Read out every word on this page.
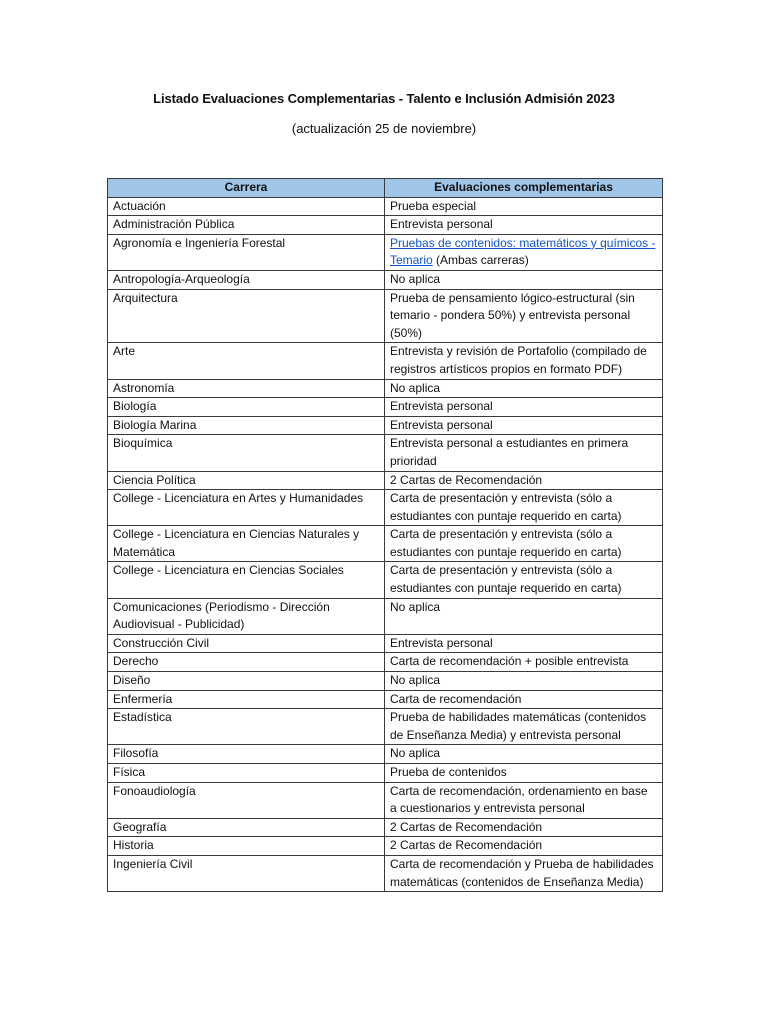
Listado Evaluaciones Complementarias - Talento e Inclusión Admisión 2023
(actualización 25 de noviembre)
Carrera	Evaluaciones complementarias
Actuación	Prueba especial
Administración Pública	Entrevista personal
Agronomía e Ingeniería Forestal	Pruebas de contenidos: matemáticos y químicos - Temario (Ambas carreras)
Antropología-Arqueología	No aplica
Arquitectura	Prueba de pensamiento lógico-estructural (sin temario - pondera 50%) y entrevista personal (50%)
Arte	Entrevista y revisión de Portafolio (compilado de registros artísticos propios en formato PDF)
Astronomía	No aplica
Biología	Entrevista personal
Biología Marina	Entrevista personal
Bioquímica	Entrevista personal a estudiantes en primera prioridad
Ciencia Política	2 Cartas de Recomendación
College - Licenciatura en Artes y Humanidades	Carta de presentación y entrevista (sólo a estudiantes con puntaje requerido en carta)
College - Licenciatura en Ciencias Naturales y Matemática	Carta de presentación y entrevista (sólo a estudiantes con puntaje requerido en carta)
College - Licenciatura en Ciencias Sociales	Carta de presentación y entrevista (sólo a estudiantes con puntaje requerido en carta)
Comunicaciones (Periodismo - Dirección Audiovisual - Publicidad)	No aplica
Construcción Civil	Entrevista personal
Derecho	Carta de recomendación + posible entrevista
Diseño	No aplica
Enfermería	Carta de recomendación
Estadística	Prueba de habilidades matemáticas (contenidos de Enseñanza Media) y entrevista personal
Filosofía	No aplica
Física	Prueba de contenidos
Fonoaudiología	Carta de recomendación, ordenamiento en base a cuestionarios y entrevista personal
Geografía	2 Cartas de Recomendación
Historia	2 Cartas de Recomendación
Ingeniería Civil	Carta de recomendación y Prueba de habilidades matemáticas (contenidos de Enseñanza Media)
